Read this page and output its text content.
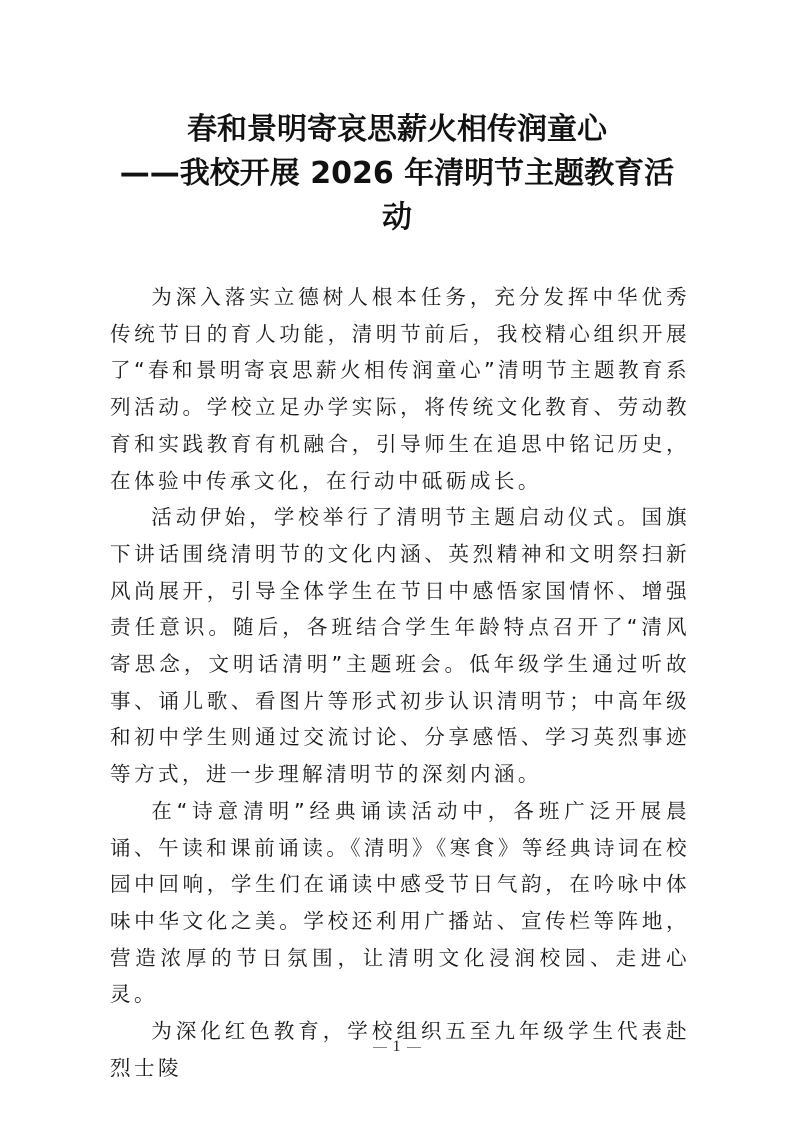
春和景明寄哀思薪火相传润童心
——我校开展 2026 年清明节主题教育活
动

为深入落实立德树人根本任务，充分发挥中华优秀传统节日的育人功能，清明节前后，我校精心组织开展了“春和景明寄哀思薪火相传润童心”清明节主题教育系列活动。学校立足办学实际，将传统文化教育、劳动教育和实践教育有机融合，引导师生在追思中铭记历史，在体验中传承文化，在行动中砥砺成长。

活动伊始，学校举行了清明节主题启动仪式。国旗下讲话围绕清明节的文化内涵、英烈精神和文明祭扫新风尚展开，引导全体学生在节日中感悟家国情怀、增强责任意识。随后，各班结合学生年龄特点召开了“清风寄思念，文明话清明”主题班会。低年级学生通过听故事、诵儿歌、看图片等形式初步认识清明节；中高年级和初中学生则通过交流讨论、分享感悟、学习英烈事迹等方式，进一步理解清明节的深刻内涵。

在“诗意清明”经典诵读活动中，各班广泛开展晨诵、午读和课前诵读。《清明》《寒食》等经典诗词在校园中回响，学生们在诵读中感受节日气韵，在吟咏中体味中华文化之美。学校还利用广播站、宣传栏等阵地，营造浓厚的节日氛围，让清明文化浸润校园、走进心灵。

为深化红色教育，学校组织五至九年级学生代表赴烈士陵

1
